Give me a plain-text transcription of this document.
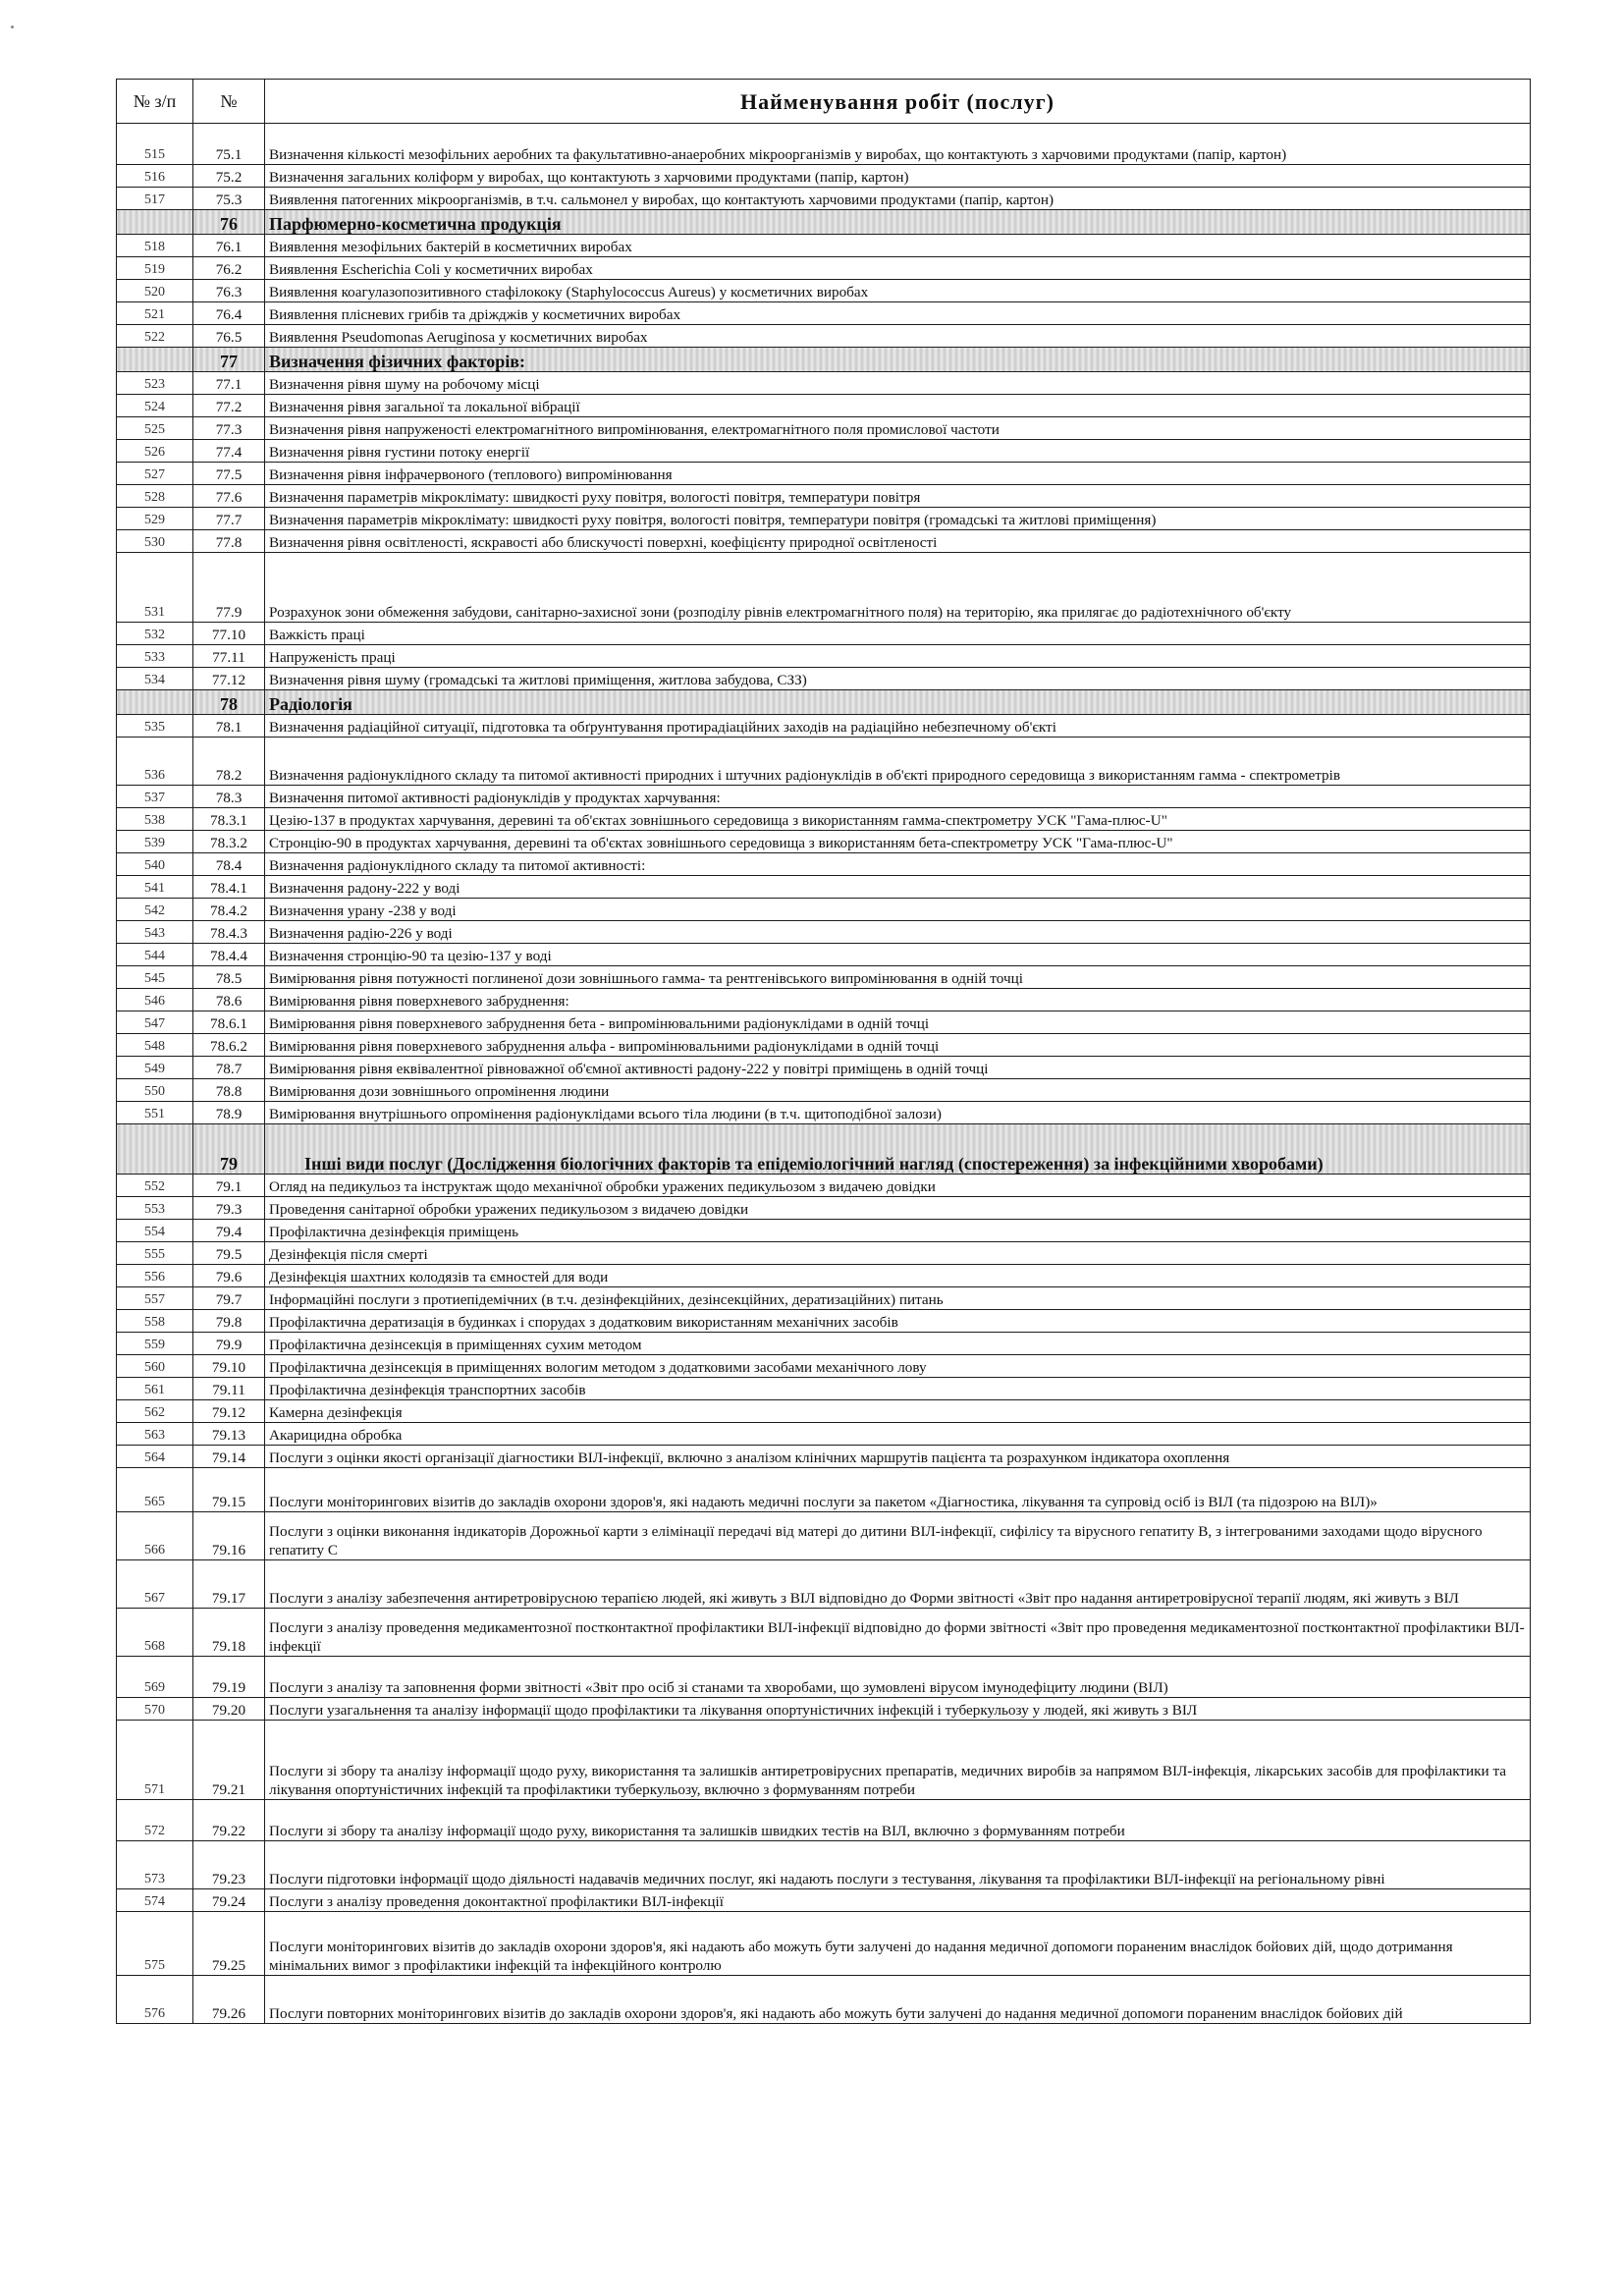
№ з/п	№	Найменування робіт (послуг)
515	75.1	Визначення кількості мезофільних аеробних та факультативно-анаеробних мікроорганізмів у виробах, що контактують з харчовими продуктами (папір, картон)
516	75.2	Визначення загальних коліформ у виробах, що контактують з харчовими продуктами (папір, картон)
517	75.3	Виявлення патогенних мікроорганізмів, в т.ч. сальмонел у виробах, що контактують харчовими продуктами (папір, картон)
	76	Парфюмерно-косметична продукція
518	76.1	Виявлення мезофільних бактерій в косметичних виробах
519	76.2	Виявлення Escherichia Coli у косметичних виробах
520	76.3	Виявлення коагулазопозитивного стафілококу (Staphylococcus Aureus) у косметичних виробах
521	76.4	Виявлення плісневих грибів та дріжджів у косметичних виробах
522	76.5	Виявлення Pseudomonas Aeruginosa у косметичних виробах
	77	Визначення фізичних факторів:
523	77.1	Визначення рівня шуму на робочому місці
524	77.2	Визначення рівня загальної та локальної вібрації
525	77.3	Визначення рівня напруженості електромагнітного випромінювання, електромагнітного поля промислової частоти
526	77.4	Визначення рівня густини потоку енергії
527	77.5	Визначення рівня інфрачервоного (теплового) випромінювання
528	77.6	Визначення параметрів мікроклімату: швидкості руху повітря, вологості повітря, температури повітря
529	77.7	Визначення параметрів мікроклімату: швидкості руху повітря, вологості повітря, температури повітря (громадські та житлові приміщення)
530	77.8	Визначення рівня освітленості, яскравості або блискучості поверхні, коефіцієнту природної освітленості
531	77.9	Розрахунок зони обмеження забудови, санітарно-захисної зони (розподілу рівнів електромагнітного поля) на територію, яка прилягає до радіотехнічного об'єкту
532	77.10	Важкість праці
533	77.11	Напруженість праці
534	77.12	Визначення рівня шуму (громадські та житлові приміщення, житлова забудова, СЗЗ)
	78	Радіологія
535	78.1	Визначення радіаційної ситуації, підготовка та обґрунтування протирадіаційних заходів на радіаційно небезпечному об'єкті
536	78.2	Визначення радіонуклідного складу та питомої активності природних і штучних радіонуклідів в об'єкті природного середовища з використанням гамма - спектрометрів
537	78.3	Визначення питомої активності радіонуклідів у продуктах харчування:
538	78.3.1	Цезію-137 в продуктах харчування, деревині та об'єктах зовнішнього середовища з використанням гамма-спектрометру УСК "Гама-плюс-U"
539	78.3.2	Стронцію-90 в продуктах харчування, деревині та об'єктах зовнішнього середовища з використанням бета-спектрометру УСК "Гама-плюс-U"
540	78.4	Визначення радіонуклідного складу та питомої активності:
541	78.4.1	Визначення радону-222 у воді
542	78.4.2	Визначення урану -238 у воді
543	78.4.3	Визначення радію-226 у воді
544	78.4.4	Визначення стронцію-90 та цезію-137 у воді
545	78.5	Вимірювання рівня потужності поглиненої дози зовнішнього гамма- та рентгенівського випромінювання в одній точці
546	78.6	Вимірювання рівня поверхневого забруднення:
547	78.6.1	Вимірювання рівня поверхневого забруднення бета - випромінювальними радіонуклідами в одній точці
548	78.6.2	Вимірювання рівня поверхневого забруднення альфа - випромінювальними радіонуклідами в одній точці
549	78.7	Вимірювання рівня еквівалентної рівноважної об'ємної активності радону-222 у повітрі приміщень в одній точці
550	78.8	Вимірювання дози зовнішнього опромінення людини
551	78.9	Вимірювання внутрішнього опромінення радіонуклідами всього тіла людини (в т.ч. щитоподібної залози)
	79	Інші види послуг (Дослідження біологічних факторів та епідеміологічний нагляд (спостереження) за інфекційними хворобами)
552	79.1	Огляд на педикульоз та інструктаж щодо механічної обробки уражених педикульозом з видачею довідки
553	79.3	Проведення санітарної обробки уражених педикульозом з видачею довідки
554	79.4	Профілактична дезінфекція приміщень
555	79.5	Дезінфекція після смерті
556	79.6	Дезінфекція шахтних колодязів та ємностей для води
557	79.7	Інформаційні послуги з протиепідемічних (в т.ч. дезінфекційних, дезінсекційних, дератизаційних) питань
558	79.8	Профілактична дератизація в будинках і спорудах з додатковим використанням механічних засобів
559	79.9	Профілактична дезінсекція в приміщеннях сухим методом
560	79.10	Профілактична дезінсекція в приміщеннях вологим методом з додатковими засобами механічного лову
561	79.11	Профілактична дезінфекція транспортних засобів
562	79.12	Камерна дезінфекція
563	79.13	Акарицидна обробка
564	79.14	Послуги з оцінки якості організації діагностики ВІЛ-інфекції, включно з аналізом клінічних маршрутів пацієнта та розрахунком індикатора охоплення
565	79.15	Послуги моніторингових візитів до закладів охорони здоров'я, які надають медичні послуги за пакетом «Діагностика, лікування та супровід осіб із ВІЛ (та підозрою на ВІЛ)»
566	79.16	Послуги з оцінки виконання індикаторів Дорожньої карти з елімінації передачі від матері до дитини ВІЛ-інфекції, сифілісу та вірусного гепатиту В, з інтегрованими заходами щодо вірусного гепатиту С
567	79.17	Послуги з аналізу забезпечення антиретровірусною терапією людей, які живуть з ВІЛ відповідно до Форми звітності «Звіт про надання антиретровірусної терапії людям, які живуть з ВІЛ
568	79.18	Послуги з аналізу проведення медикаментозної постконтактної профілактики ВІЛ-інфекції відповідно до форми звітності «Звіт про проведення медикаментозної постконтактної профілактики ВІЛ-інфекції
569	79.19	Послуги з аналізу та заповнення форми звітності «Звіт про осіб зі станами та хворобами, що зумовлені вірусом імунодефіциту людини (ВІЛ)
570	79.20	Послуги узагальнення та аналізу інформації щодо профілактики та лікування опортуністичних інфекцій і туберкульозу у людей, які живуть з ВІЛ
571	79.21	Послуги зі збору та аналізу інформації щодо руху, використання та залишків антиретровірусних препаратів, медичних виробів за напрямом ВІЛ-інфекція, лікарських засобів для профілактики та лікування опортуністичних інфекцій та профілактики туберкульозу, включно з формуванням потреби
572	79.22	Послуги зі збору та аналізу інформації щодо руху, використання та залишків швидких тестів на ВІЛ, включно з формуванням потреби
573	79.23	Послуги підготовки інформації щодо діяльності надавачів медичних послуг, які надають послуги з тестування, лікування та профілактики ВІЛ-інфекції на регіональному рівні
574	79.24	Послуги з аналізу проведення доконтактної профілактики ВІЛ-інфекції
575	79.25	Послуги моніторингових візитів до закладів охорони здоров'я, які надають або можуть бути залучені до надання медичної допомоги пораненим внаслідок бойових дій, щодо дотримання мінімальних вимог з профілактики інфекцій та інфекційного контролю
576	79.26	Послуги повторних моніторингових візитів до закладів охорони здоров'я, які надають або можуть бути залучені до надання медичної допомоги пораненим внаслідок бойових дій
